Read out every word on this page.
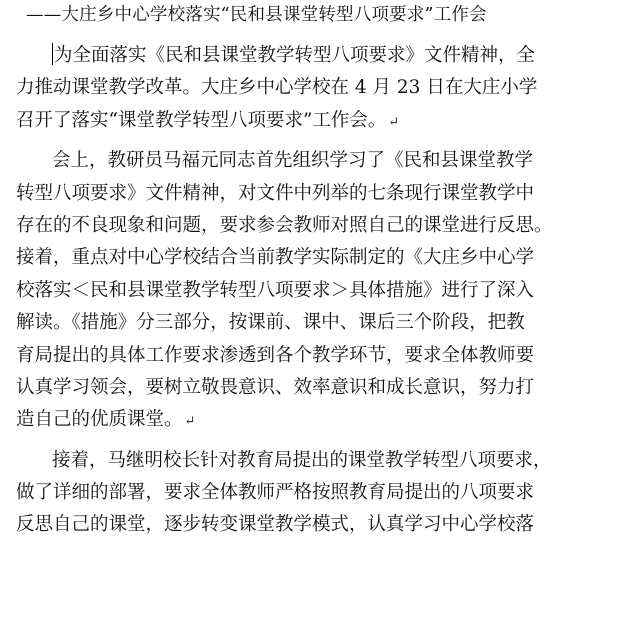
——大庄乡中心学校落实“民和县课堂转型八项要求”工作会
为全面落实《民和县课堂教学转型八项要求》文件精神，全
力推动课堂教学改革。大庄乡中心学校在 4 月 23 日在大庄小学
召开了落实“课堂教学转型八项要求”工作会。 ↵
会上，教研员马福元同志首先组织学习了《民和县课堂教学
转型八项要求》文件精神，对文件中列举的七条现行课堂教学中
存在的不良现象和问题，要求参会教师对照自己的课堂进行反思。
接着，重点对中心学校结合当前教学实际制定的《大庄乡中心学
校落实＜民和县课堂教学转型八项要求＞具体措施》进行了深入
解读。《措施》分三部分，按课前、课中、课后三个阶段，把教
育局提出的具体工作要求渗透到各个教学环节，要求全体教师要
认真学习领会，要树立敬畏意识、效率意识和成长意识，努力打
造自己的优质课堂。 ↵
接着，马继明校长针对教育局提出的课堂教学转型八项要求，
做了详细的部署，要求全体教师严格按照教育局提出的八项要求
反思自己的课堂，逐步转变课堂教学模式，认真学习中心学校落
